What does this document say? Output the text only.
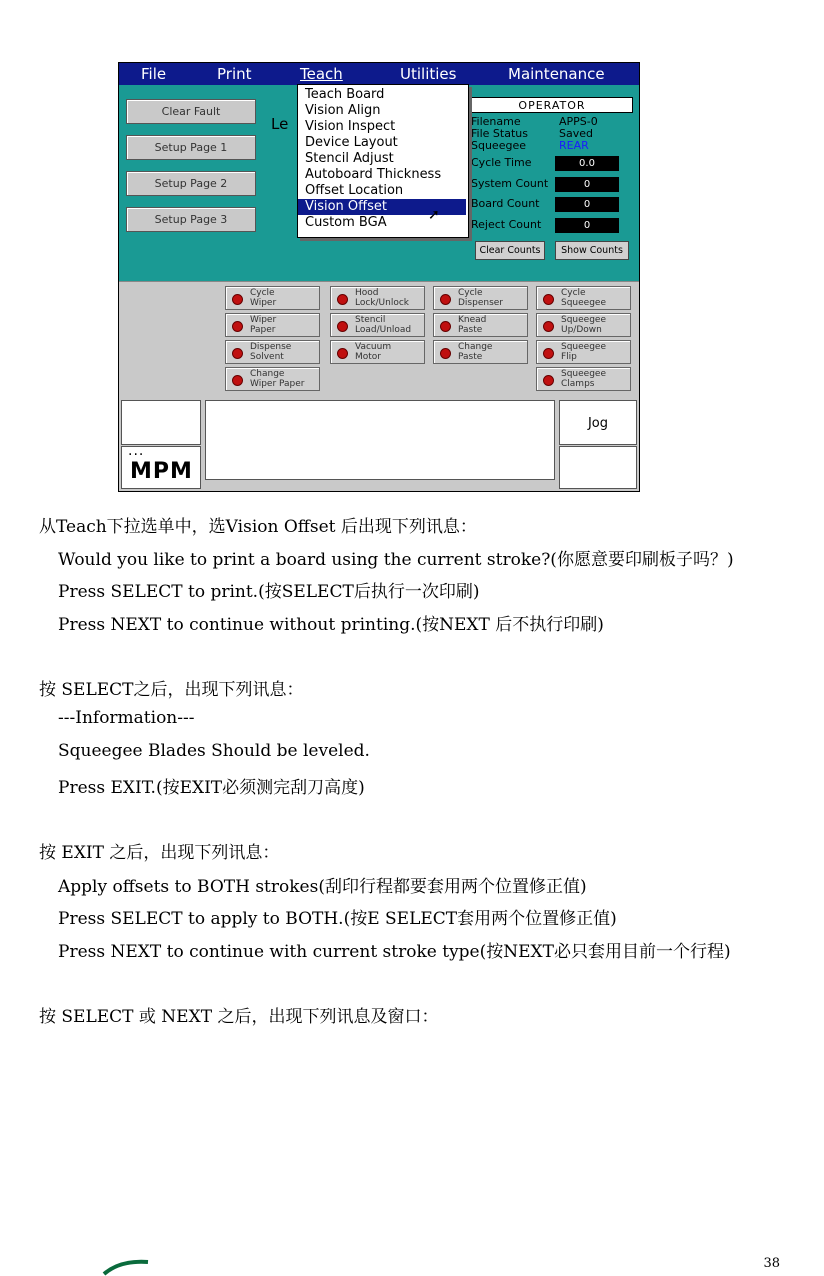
File	Print	Teach	Utilities	Maintenance
Clear Fault
Setup Page 1
Setup Page 2
Setup Page 3
Le
OPERATOR
Filename	APPS-0
File Status	Saved
Squeegee	REAR
Cycle Time	0.0
System Count	0
Board Count	0
Reject Count	0
Clear Counts	Show Counts
Teach Board
Vision Align
Vision Inspect
Device Layout
Stencil Adjust
Autoboard Thickness
Offset Location
Vision Offset
Custom BGA	➚
Cycle
Wiper
Hood
Lock/Unlock
Cycle
Dispenser
Cycle
Squeegee
Wiper
Paper
Stencil
Load/Unload
Knead
Paste
Squeegee
Up/Down
Dispense
Solvent
Vacuum
Motor
Change
Paste
Squeegee
Flip
Change
Wiper Paper
Squeegee
Clamps
...
MPM
Jog
从Teach下拉选单中，选Vision Offset 后出现下列讯息：
Would you like to print a board using the current stroke?(你愿意要印刷板子吗？)
Press SELECT to print.(按SELECT后执行一次印刷)
Press NEXT to continue without printing.(按NEXT 后不执行印刷)
按 SELECT之后，出现下列讯息：
---Information---
Squeegee Blades Should be leveled.
Press EXIT.(按EXIT必须测完刮刀高度)
按 EXIT 之后，出现下列讯息：
Apply offsets to BOTH strokes(刮印行程都要套用两个位置修正值)
Press SELECT to apply to BOTH.(按E SELECT套用两个位置修正值)
Press NEXT to continue with current stroke type(按NEXT必只套用目前一个行程)
按 SELECT 或 NEXT 之后，出现下列讯息及窗口：
38
